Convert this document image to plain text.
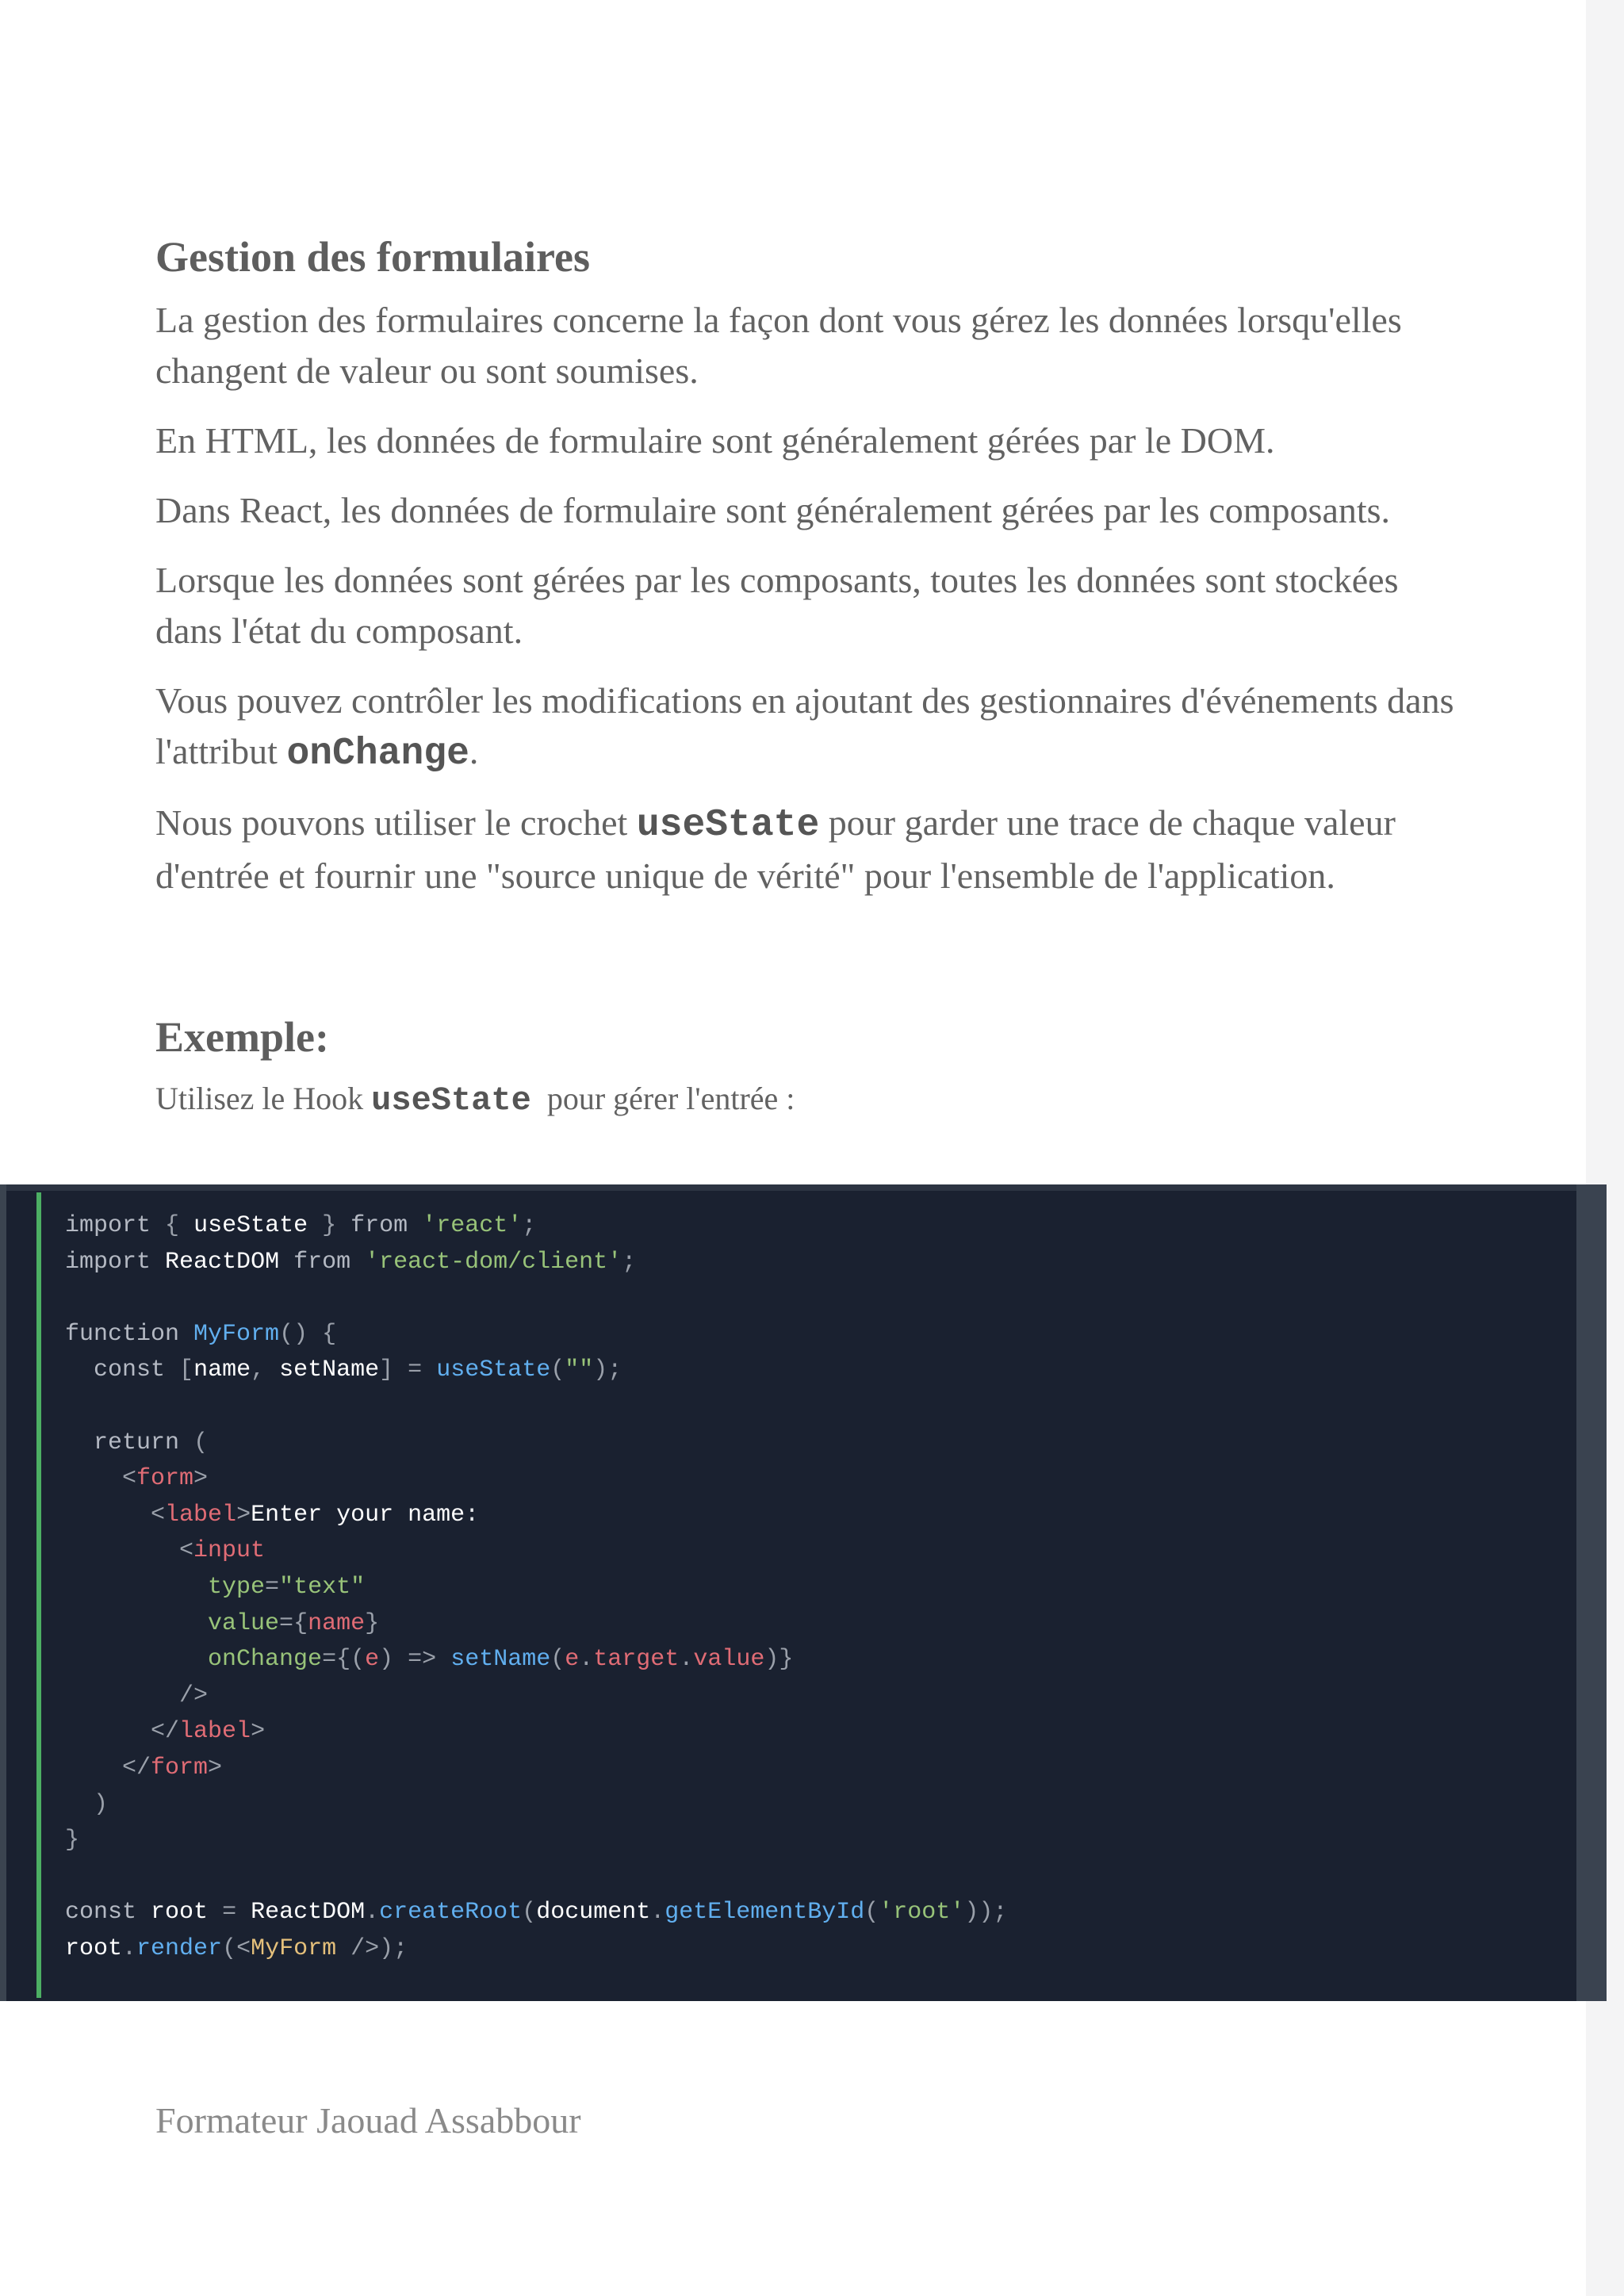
Gestion des formulaires

La gestion des formulaires concerne la façon dont vous gérez les données lorsqu'elles changent de valeur ou sont soumises.

En HTML, les données de formulaire sont généralement gérées par le DOM.

Dans React, les données de formulaire sont généralement gérées par les composants.

Lorsque les données sont gérées par les composants, toutes les données sont stockées dans l'état du composant.

Vous pouvez contrôler les modifications en ajoutant des gestionnaires d'événements dans l'attribut onChange.

Nous pouvons utiliser le crochet useState pour garder une trace de chaque valeur d'entrée et fournir une "source unique de vérité" pour l'ensemble de l'application.

Exemple:

Utilisez le Hook useState  pour gérer l'entrée :

import { useState } from 'react';
import ReactDOM from 'react-dom/client';

function MyForm() {
const [name, setName] = useState("");

return (
<form>
<label>Enter your name:
<input
type="text"
value={name}
onChange={(e) => setName(e.target.value)}
/>
</label>
</form>
)
}

const root = ReactDOM.createRoot(document.getElementById('root'));
root.render(<MyForm />);
Formateur Jaouad Assabbour
